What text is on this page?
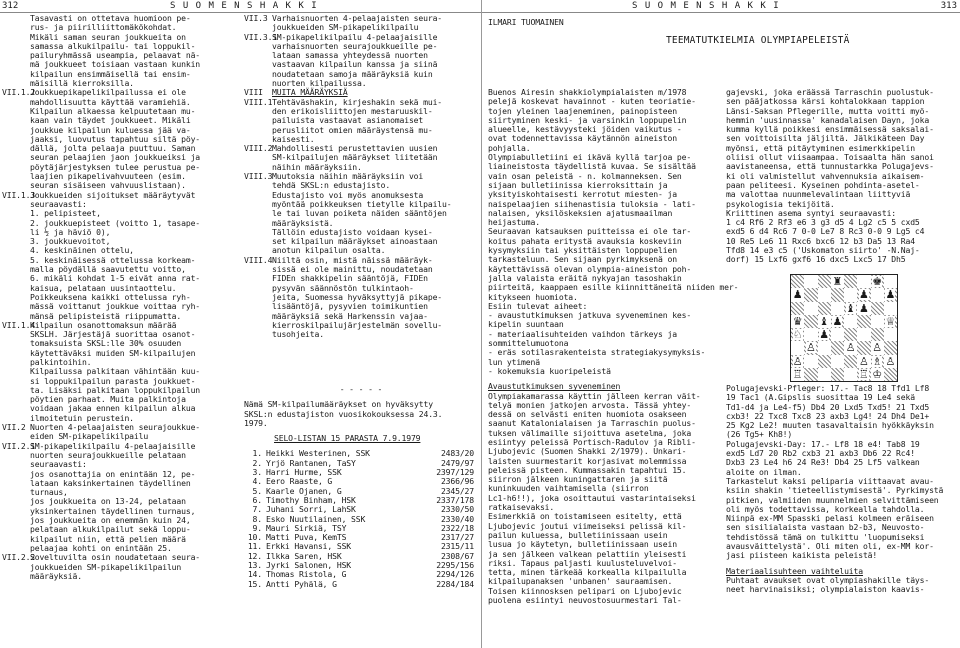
312	S U O M E N S H A K K I
Tasavasti on ottetava huomioon pe-
rus- ja piirilliittomäkökohdat.
Mikäli saman seuran joukkueita on
samassa alkukilpailu- tai loppukil-
pailuryhmässä useampia, pelaavat nä-
mä joukkueet toisiaan vastaan kunkin
kilpailun ensimmäisellä tai ensim-
mäisillä kierroksilla.
VII.1.2
Joukkuepikapelikilpailussa ei ole
mahdollisuutta käyttää varamiehiä.
Kilpailun alkaessa kelpuutetaan mu-
kaan vain täydet joukkueet. Mikäli
joukkue kilpailun kuluessa jää va-
jaaksi, luovutus tapahtuu siltä pöy-
dällä, jolta pelaaja puuttuu. Saman
seuran pelaajien jaon joukkueiksi ja
pöytäjärjestyksen tulee perustua pe-
laajien pikapelivahvuuteen (esim.
seuran sisäiseen vahvuuslistaan).
VII.1.3
Joukkueiden sijoitukset määräytyvät
seuraavasti:
1. pelipisteet,
2. joukkuepisteet (voitto 1, tasape-
li ½ ja häviö 0),
3. joukkuevoitot,
4. keskinäinen ottelu,
5. keskinäisessä ottelussa korkeam-
malla pöydällä saavutettu voitto,
6. mikäli kohdat 1-5 eivät anna rat-
kaisua, pelataan uusintaottelu.
Poikkeuksena kaikki ottelussa ryh-
mässä voittanut joukkue voittaa ryh-
mänsä pelipisteistä riippumatta.
VII.1.4
Kilpailun osanottomaksun määrää
SKSLH. Järjestäjä suorittaa osanot-
tomaksuista SKSL:lle 30% osuuden
käytettäväksi muiden SM-kilpailujen
palkintoihin.
Kilpailussa palkitaan vähintään kuu-
si loppukilpailun parasta joukkuet-
ta. Lisäksi palkitaan loppukilpailun
pöytien parhaat. Muita palkintoja
voidaan jakaa ennen kilpailun alkua
ilmoitetuin perustein.
VII.2 Nuorten 4-pelaajaisten seurajoukkue-
eiden SM-pikapelikilpailu
VII.2.1
SM-pikapelikilpailu 4-pelaajaisille
nuorten seurajoukkueille pelataan
seuraavasti:
jos osanottajia on enintään 12, pe-
lataan kaksinkertainen täydellinen
turnaus,
jos joukkueita on 13-24, pelataan
yksinkertainen täydellinen turnaus,
jos joukkueita on enemmän kuin 24,
pelataan alkukilpailut sekä loppu-
kilpailut niin, että pelien määrä
pelaajaa kohti on enintään 25.
VII.2.2
Soveltuvilta osin noudatetaan seura-
joukkueiden SM-pikapelikilpailun
määräyksiä.
VII.3 Varhaisnuorten 4-pelaajaisten seura-
joukkueiden SM-pikapelikilpailu
VII.3.1
SM-pikapelikilpailu 4-pelaajaisille
varhaisnuorten seurajoukkueille pe-
lataan samassa yhteydessä nuorten
vastaavan kilpailun kanssa ja siinä
noudatetaan samoja määräyksiä kuin
nuorten kilpailussa.
VIII	MUITA MÄÄRÄYKSIÄ
VIII.1 Tehtäväshakin, kirjeshakin sekä mui-
den erikoisliittojen mestaruuskil-
pailuista vastaavat asianomaiset
perusliitot omien määräystensä mu-
kaisesti.
VIII.2 Mahdollisesti perustettavien uusien
SM-kilpailujen määräykset liitetään
näihin määräyksiin.
VIII.3 Muutoksia näihin määräyksiin voi
tehdä SKSL:n edustajisto.
Edustajisto voi myös anomuksesta
myöntää poikkeuksen tietylle kilpailu-
le tai luvan poiketa näiden sääntöjen
määräyksistä.
Tällöin edustajisto voidaan kysei-
set kilpailun määräykset ainoastaan
anotun kilpailun osalta.
VIII.4 Niiltä osin, mistä näissä määräyk-
sissä ei ole mainittu, noudatetaan
FIDEn shakkipelin sääntöjä, FIDEn
pysyvän säännöstön tulkintaoh-
jeita, Suomessa hyväksyttyjä pikape-
lisääntöjä, pysyvien toimikuntien
määräyksiä sekä Harkenssin vajaa-
kierroskilpailujärjestelmän sovellu-
tusohjeita.
- - - - -
Nämä SM-kilpailumääräykset on hyväksytty
SKSL:n edustajiston vuosikokouksessa 24.3.
1979.
SELO-LISTAN 15 PARASTA 7.9.1979
1.	Heikki Westerinen, SSK	2483/20
2.	Yrjö Rantanen, TaSY	2479/97
3.	Harri Hurme, SSK	2397/129
4.	Eero Raaste, G	2366/96
5.	Kaarle Ojanen, G	2345/27
6.	Timothy Binham, HSK	2337/178
7.	Juhani Sorri, LahSK	2330/50
8.	Esko Nuutilainen, SSK	2330/40
9.	Mauri Sirkiä, TSY	2322/18
10.	Matti Puva, KemTS	2317/27
11.	Erkki Havansi, SSK	2315/11
12.	Ilkka Saren, HSK	2308/67
13.	Jyrki Salonen, HSK	2295/156
14.	Thomas Ristola, G	2294/126
15.	Antti Pyhälä, G	2284/184
S U O M E N S H A K K I	313
ILMARI TUOMAINEN
TEEMATUTKIELMIA OLYMPIAPELEISTÄ
Buenos Airesin shakkiolympialaisten m/1978
pelejä koskevat havainnot - kuten teoriatie-
tojen yleinen laajeneminen, painopisteen
siirtyminen keski- ja varsinkin loppupelin
alueelle, kestävyysteki jöiden vaikutus -
ovat todennettavissa käytännön aineiston
pohjalla.
Olympiabulletiini ei ikävä kyllä tarjoa pe-
liaineistosta täydellistä kuvaa. Se sisältää
vain osan peleistä - n. kolmanneksen. Sen
sijaan bulletiinissa kierroksittain ja
yksityiskohtaisesti kerrotut miesten- ja
naispelaajien siihenastisia tuloksia - lati-
nalaisen, yksilöskeksien ajatusmaailman
heijastuma.
Seuraavan katsauksen puitteissa ei ole tar-
koitus pahata eritystä avauksia koskeviin
kysymyksiin tai yksittäisten loppupelien
tarkasteluun. Sen sijaan pyrkimyksenä on
käytettävissä olevan olympia-aineiston poh-
jalla valaista eräitä nykyajan tasoshakin
piirteitä, kaappaen esille kiinnittäneitä niiden mer-
kitykseen huomiota.
Esiin tulevat aiheet:
- avaustutkimuksen jatkuva syveneminen kes-
kipelin suuntaan
- materiaalisuhteiden vaihdon tärkeys ja
sommittelumuotona
- eräs sotilasrakenteista strategiakysymyksis-
lun ytimenä
- kokemuksia kuoripeleistä
Avaustutkimuksen syveneminen
Olympiakamarassa käyttin jälleen kerran väit-
telyä monien jatkojen arvosta. Tässä yhtey-
dessä on selvästi eniten huomiota osakseen
saanut Katalonialaisen ja Tarraschin puolus-
tuksen välimaille sijoittuva asetelma, joka
esiintyy peleissä Portisch-Radulov ja Ribli-
Ljubojevic (Suomen Shakki 2/1979). Unkari-
laisten suurmestarit korjasivat molemmissa
peleissä pisteen. Kummassakin tapahtui 15.
siirron jälkeen kuningattaren ja siitä
kuninkuuden vaihtamisella (siirron
Lc1-h6!!), joka osoittautui vastarintaiseksi
ratkaisevaksi.
Esimerkkiä on toistamiseen esitelty, että
Ljubojevic joutui viimeiseksi pelissä kil-
pailun kuluessa, bulletiinissaan usein
lusua jo käytetyn, bulletiinissaan usein
ja sen jälkeen valkean pelattiin yleisesti
riksi. Tapaus paljasti kuulusteluvelvoi-
tetta, minen tärkeää korkealla kilpailulla
kilpailupanaksen 'unbanen' sauraamisen.
Toisen kiinnosksen pelipari on Ljubojevic
puolena esiintyi neuvostosuurmestari Tal-
gajevski, joka eräässä Tarraschin puolustuk-
sen pääjatkossa kärsi kohtalokkaan tappion
Länsi-Saksan Pflegerille, mutta voitti myö-
hemmin 'uusinnassa' kanadalaisen Dayn, joka
kumma kyllä poikkesi ensimmäisessä saksalai-
sen voittoisilta jäljiltä. Jälkikäteen Day
myönsi, että pitäytyminen esimerkkipelin
oliisi ollut viisaampaa. Toisaalta hän sanoi
aavistaneensa, että tunnustarkka Polugajevs-
ki oli valmistellut vahvennuksia aikaisem-
paan peliteesi. Kyseinen pohdinta-asetel-
ma valottaa nuunmelevalintaan liittyviä
psykologisia tekijöitä.
Kriittinen asema syntyi seuraavasti:
1 c4 Rf6 2 Rf3 e6 3 g3 d5 4 Lg2 c5 5 cxd5
exd5 6 d4 Rc6 7 0-0 Le7 8 Rc3 0-0 9 Lg5 c4
10 Re5 Le6 11 Rxc6 bxc6 12 b3 Da5 13 Ra4
Tfd8 14 e3 c5 ('Uskomaton siirto' -N.Naj-
dorf) 15 Lxf6 gxf6 16 dxc5 Lxc5 17 Dh5
♜	♚
♟	♟ ♟
♝ ♟
♛ ♝ ♟	♕
♘ ♟
♙	♙ ♙
♙	♙ ♗ ♙
♖	♖ ♔
Polugajevski-Pfleger: 17.- Tac8 18 Tfd1 Lf8
19 Tac1 (A.Gipslis suosittaa 19 Le4 sekä
Td1-d4 ja Le4-f5) Db4 20 Lxd5 Txd5! 21 Txd5
cxb3! 22 Txc8 Txc8 23 axb3 Lg4! 24 Dh4 De1+
25 Kg2 Le2! muuten tasavaltaisin hyökkäyksin
(26 Tg5+ Kh8!)
Polugajevski-Day: 17.- Lf8 18 e4! Tab8 19
exd5 Ld7 20 Rb2 cxb3 21 axb3 Db6 22 Rc4!
Dxb3 23 Le4 h6 24 Re3! Db4 25 Lf5 valkean
aloite on ilman.
Tarkastelut kaksi peliparia viittaavat avau-
ksiin shakin 'tieteellistymisestä'. Pyrkimystä
pitkien, valmiiden muunnelmien selvittämiseen
oli myös todettavissa, korkealla tahdolla.
Niinpä ex-MM Spasski pelasi kolmeen eräiseen
sen sisilialaista vastaan b2-b3, Neuvosto-
tehdistössä tämä on tulkittu 'luopumiseksi
avausväittelystä'. Oli miten oli, ex-MM kor-
jasi piisteen kaikista peleistä!
Materiaalisuhteen vaihteluita
Puhtaat avaukset ovat olympiashakille täys-
neet harvinaisiksi; olympialaiston kaavis-
